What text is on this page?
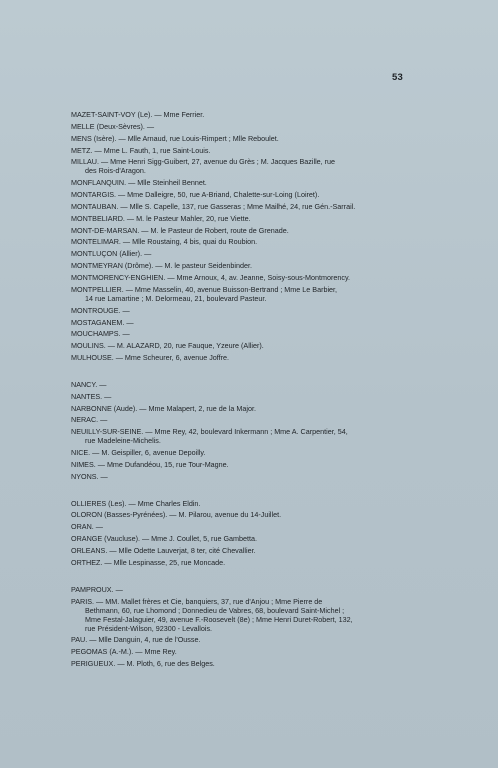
53
MAZET-SAINT-VOY (Le). — Mme Ferrier.
MELLE (Deux-Sèvres). —
MENS (Isère). — Mlle Arnaud, rue Louis-Rimpert ; Mlle Reboulet.
METZ. — Mme L. Fauth, 1, rue Saint-Louis.
MILLAU. — Mme Henri Sigg-Guibert, 27, avenue du Grès ; M. Jacques Bazille, rue
des Rois-d'Aragon.
MONFLANQUIN. — Mlle Steinheil Bennet.
MONTARGIS. — Mme Dalleigre, 50, rue A-Briand, Chalette-sur-Loing (Loiret).
MONTAUBAN. — Mlle S. Capelle, 137, rue Gasseras ; Mme Mailhé, 24, rue Gén.-Sarrail.
MONTBELIARD. — M. le Pasteur Mahler, 20, rue Viette.
MONT-DE-MARSAN. — M. le Pasteur de Robert, route de Grenade.
MONTELIMAR. — Mlle Roustaing, 4 bis, quai du Roubion.
MONTLUÇON (Allier). —
MONTMEYRAN (Drôme). — M. le pasteur Seidenbinder.
MONTMORENCY-ENGHIEN. — Mme Arnoux, 4, av. Jeanne, Soisy-sous-Montmorency.
MONTPELLIER. — Mme Masselin, 40, avenue Buisson-Bertrand ; Mme Le Barbier,
14 rue Lamartine ; M. Delormeau, 21, boulevard Pasteur.
MONTROUGE. —
MOSTAGANEM. —
MOUCHAMPS. —
MOULINS. — M. ALAZARD, 20, rue Fauque, Yzeure (Allier).
MULHOUSE. — Mme Scheurer, 6, avenue Joffre.
NANCY. —
NANTES. —
NARBONNE (Aude). — Mme Malapert, 2, rue de la Major.
NERAC. —
NEUILLY-SUR-SEINE. — Mme Rey, 42, boulevard Inkermann ; Mme A. Carpentier, 54,
rue Madeleine-Michelis.
NICE. — M. Geispiller, 6, avenue Depoilly.
NIMES. — Mme Dufandéou, 15, rue Tour-Magne.
NYONS. —
OLLIERES (Les). — Mme Charles Eldin.
OLORON (Basses-Pyrénées). — M. Pilarou, avenue du 14-Juillet.
ORAN. —
ORANGE (Vaucluse). — Mme J. Coullet, 5, rue Gambetta.
ORLEANS. — Mlle Odette Lauverjat, 8 ter, cité Chevallier.
ORTHEZ. — Mlle Lespinasse, 25, rue Moncade.
PAMPROUX. —
PARIS. — MM. Mallet frères et Cie, banquiers, 37, rue d'Anjou ; Mme Pierre de
Bethmann, 60, rue Lhomond ; Donnedieu de Vabres, 68, boulevard Saint-Michel ;
Mme Festal-Jalaguier, 49, avenue F.-Roosevelt (8e) ; Mme Henri Duret-Robert, 132,
rue Président-Wilson, 92300 - Levallois.
PAU. — Mlle Danguin, 4, rue de l'Ousse.
PEGOMAS (A.-M.). — Mme Rey.
PERIGUEUX. — M. Ploth, 6, rue des Belges.
